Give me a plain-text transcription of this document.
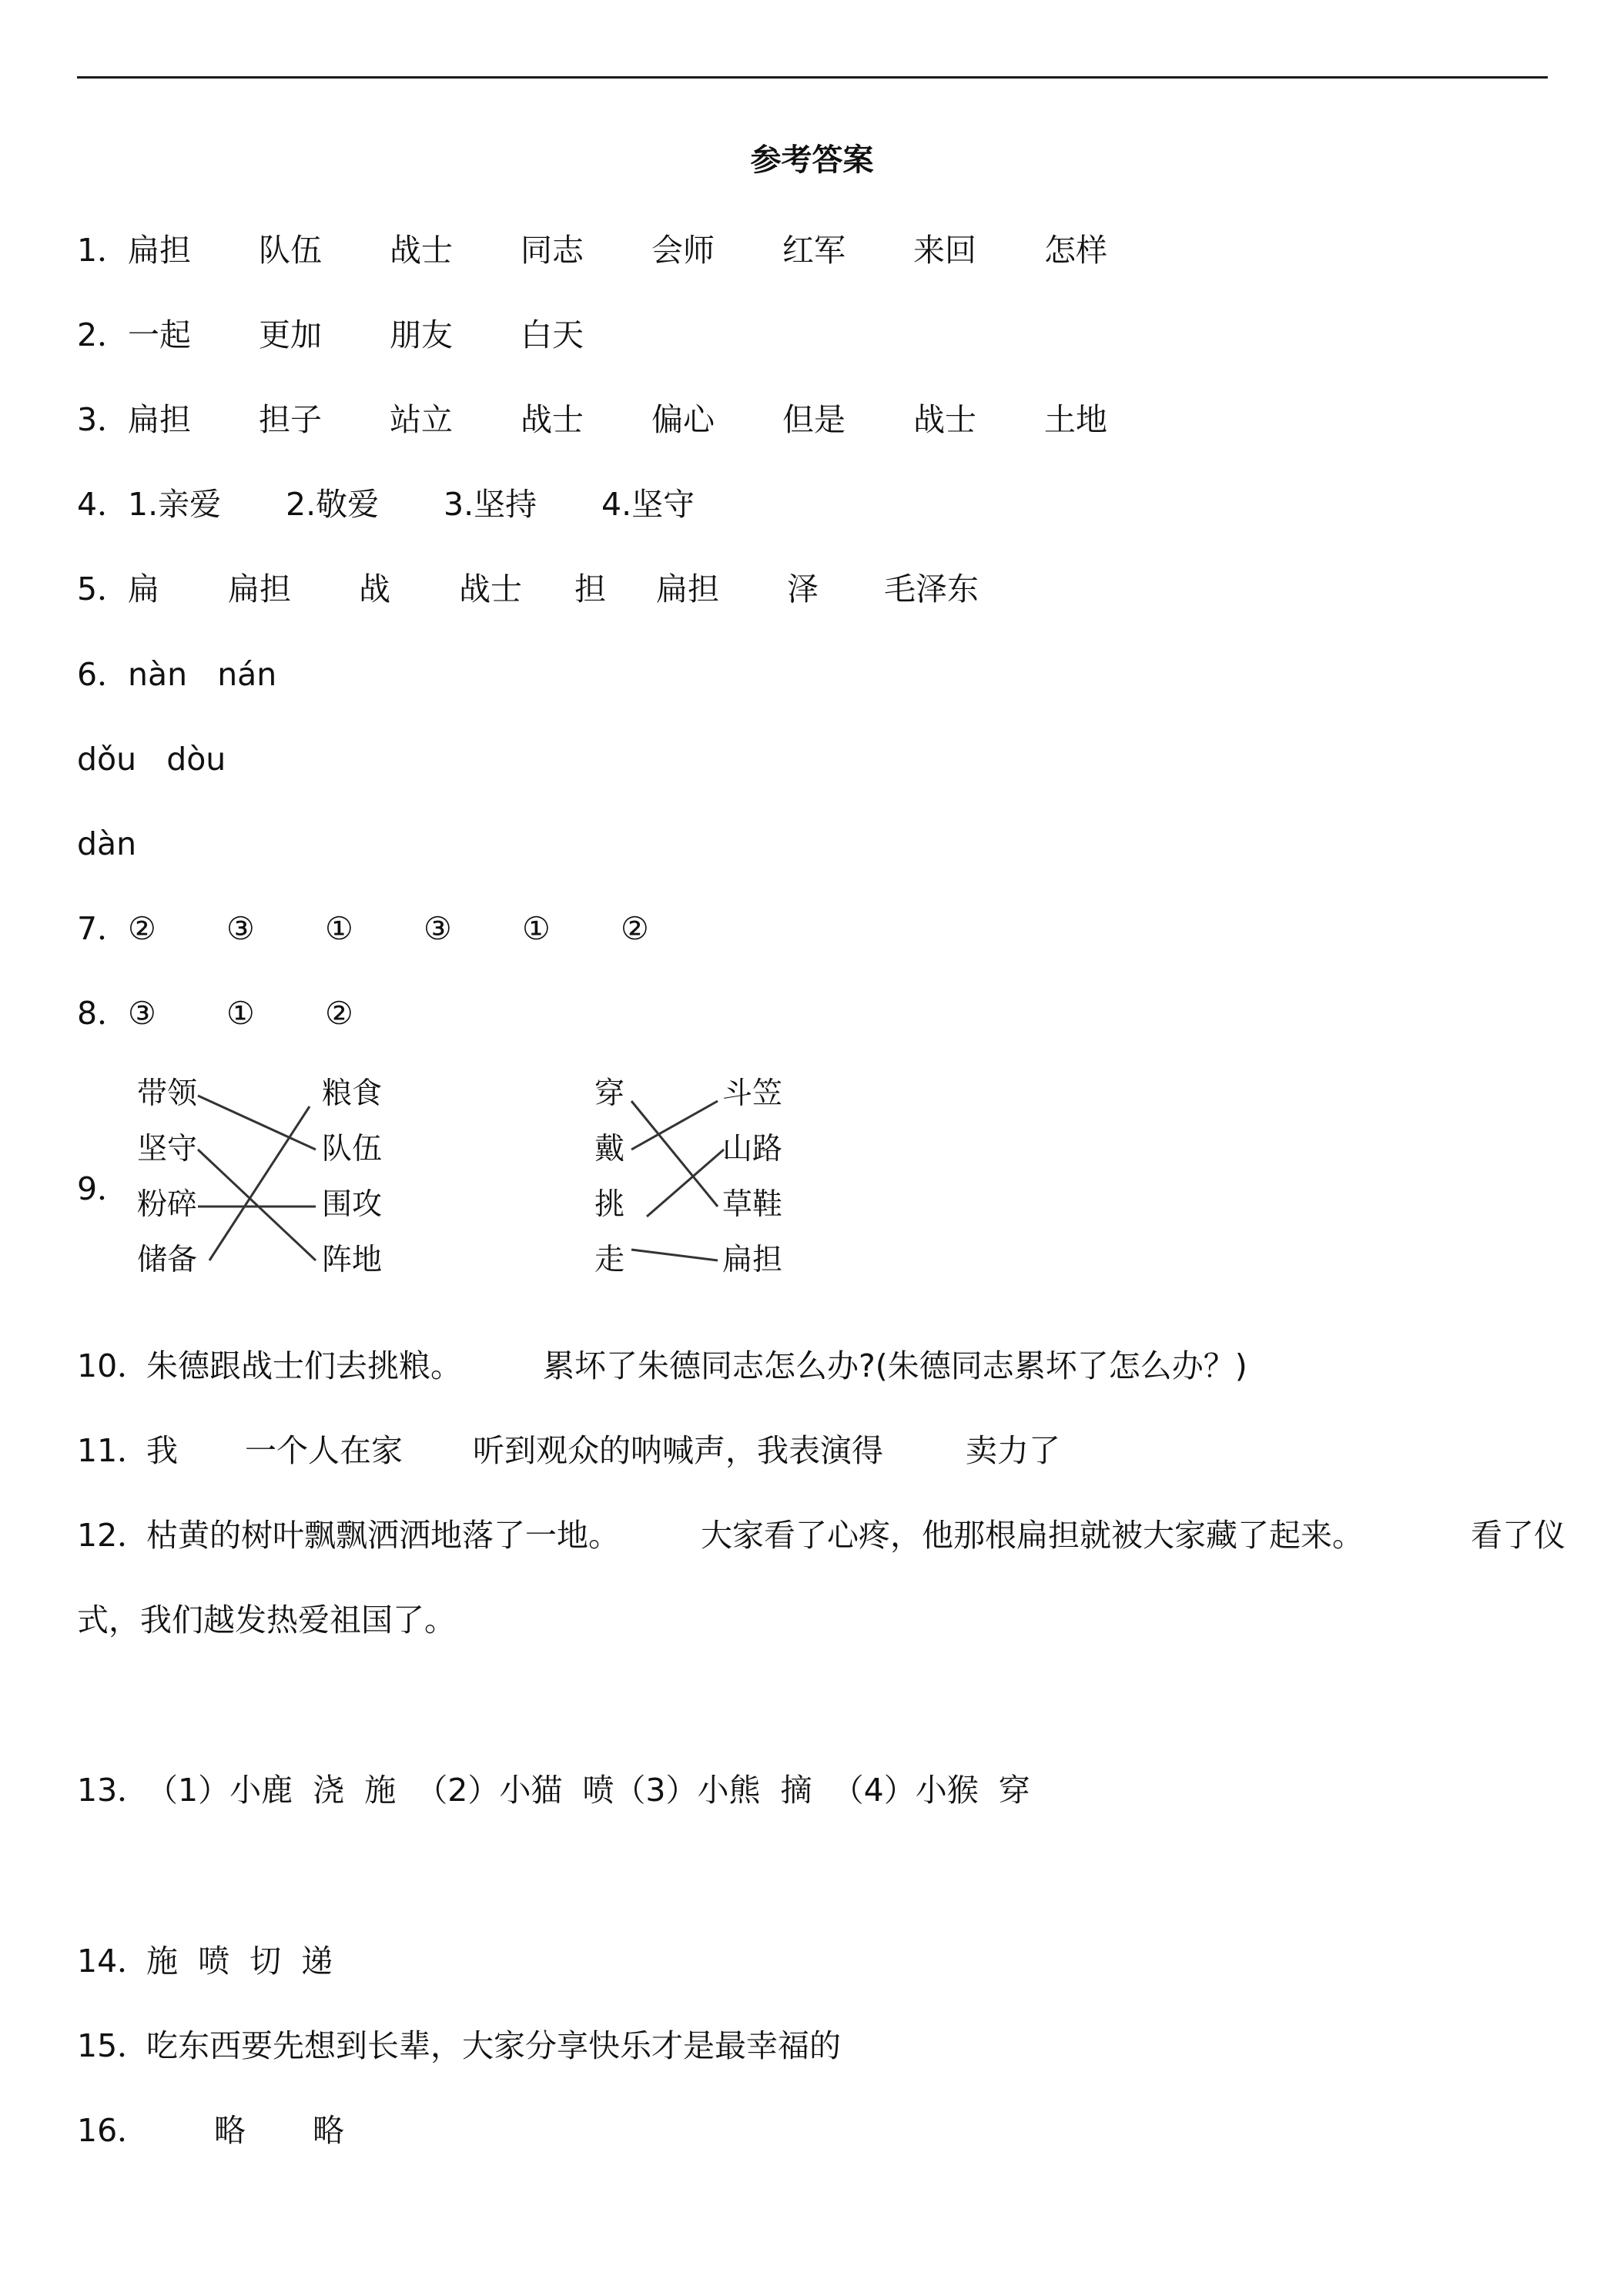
参考答案
1．扁担 队伍 战士 同志 会师 红军 来回 怎样
2．一起 更加 朋友 白天
3．扁担 担子 站立 战士 偏心 但是 战士 土地
4．1.亲爱 2.敬爱 3.坚持 4.坚守
5．扁 扁担 战 战士 担 扁担 泽 毛泽东
6．nàn   nán
dǒu   dòu
dàn
7．② ③ ① ③ ① ②
8．③ ① ②
9．
带领
坚守
粉碎
储备
粮食
队伍
围攻
阵地
穿
戴
挑
走
斗笠
山路
草鞋
扁担
10．朱德跟战士们去挑粮。	累坏了朱德同志怎么办?(朱德同志累坏了怎么办？)
11．我 一个人在家 听到观众的呐喊声，我表演得	卖力了
12．枯黄的树叶飘飘洒洒地落了一地。	大家看了心疼，他那根扁担就被大家藏了起来。	看了仪
式，我们越发热爱祖国了。
13．（1）小鹿  浇  施  （2）小猫  喷（3）小熊  摘  （4）小猴  穿
14．施  喷  切  递
15．吃东西要先想到长辈，大家分享快乐才是最幸福的
16． 略 略
